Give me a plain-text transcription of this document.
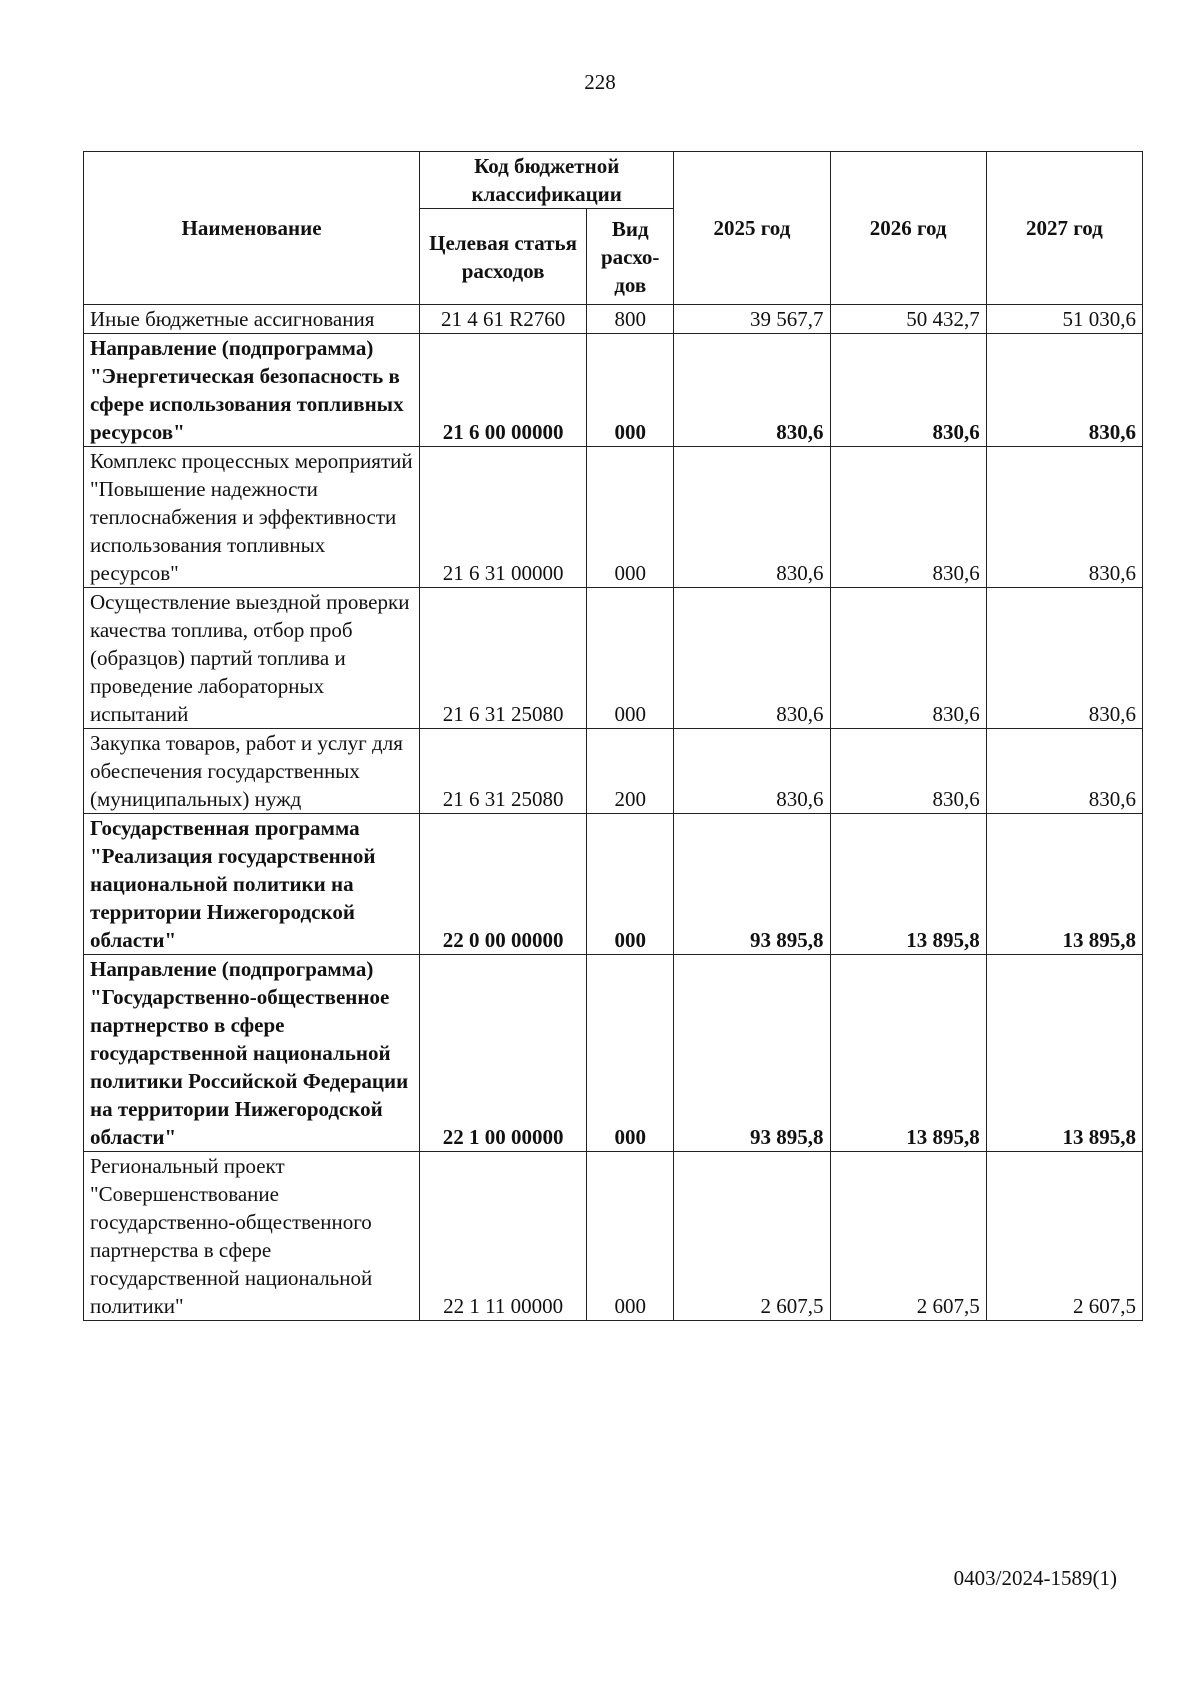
228
Наименование	Код бюджетной классификации		2025 год	2026 год	2027 год
	Целевая статья расходов	Вид расхо-дов			
Иные бюджетные ассигнования	21 4 61 R2760	800	39 567,7	50 432,7	51 030,6
Направление (подпрограмма) "Энергетическая безопасность в сфере использования топливных ресурсов"	21 6 00 00000	000	830,6	830,6	830,6
Комплекс процессных мероприятий "Повышение надежности теплоснабжения и эффективности использования топливных ресурсов"	21 6 31 00000	000	830,6	830,6	830,6
Осуществление выездной проверки качества топлива, отбор проб (образцов) партий топлива и проведение лабораторных испытаний	21 6 31 25080	000	830,6	830,6	830,6
Закупка товаров, работ и услуг для обеспечения государственных (муниципальных) нужд	21 6 31 25080	200	830,6	830,6	830,6
Государственная программа "Реализация государственной национальной политики на территории Нижегородской области"	22 0 00 00000	000	93 895,8	13 895,8	13 895,8
Направление (подпрограмма) "Государственно-общественное партнерство в сфере государственной национальной политики Российской Федерации на территории Нижегородской области"	22 1 00 00000	000	93 895,8	13 895,8	13 895,8
Региональный проект "Совершенствование государственно-общественного партнерства в сфере государственной национальной политики"	22 1 11 00000	000	2 607,5	2 607,5	2 607,5
0403/2024-1589(1)
